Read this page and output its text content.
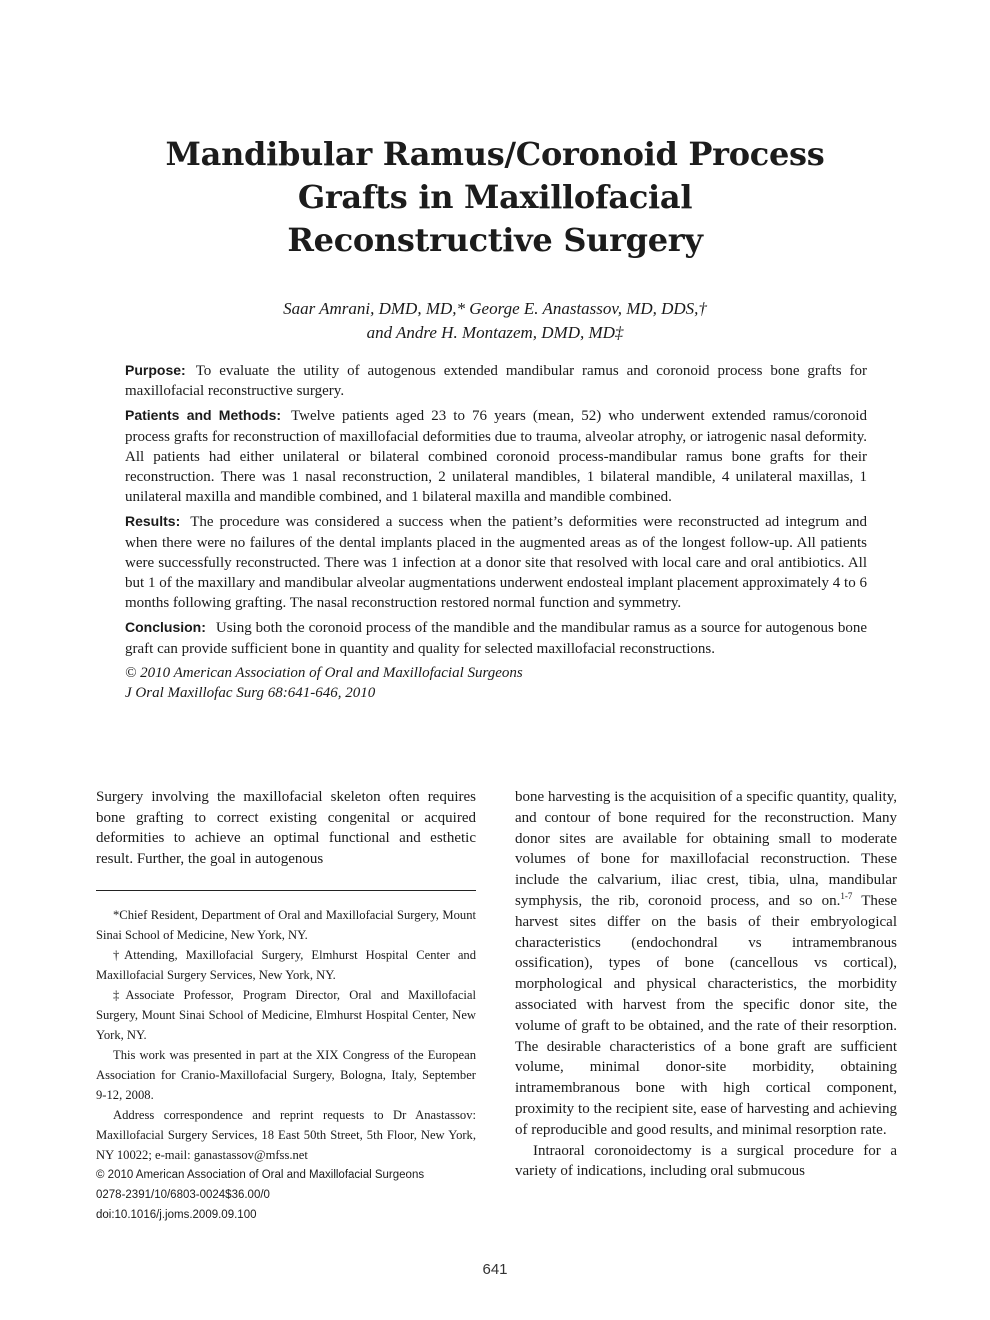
Mandibular Ramus/Coronoid Process
Grafts in Maxillofacial
Reconstructive Surgery
Saar Amrani, DMD, MD,* George E. Anastassov, MD, DDS,†
and Andre H. Montazem, DMD, MD‡

Purpose: To evaluate the utility of autogenous extended mandibular ramus and coronoid process bone grafts for maxillofacial reconstructive surgery.

Patients and Methods: Twelve patients aged 23 to 76 years (mean, 52) who underwent extended ramus/coronoid process grafts for reconstruction of maxillofacial deformities due to trauma, alveolar atrophy, or iatrogenic nasal deformity. All patients had either unilateral or bilateral combined coronoid process-mandibular ramus bone grafts for their reconstruction. There was 1 nasal reconstruction, 2 unilateral mandibles, 1 bilateral mandible, 4 unilateral maxillas, 1 unilateral maxilla and mandible combined, and 1 bilateral maxilla and mandible combined.

Results: The procedure was considered a success when the patient’s deformities were reconstructed ad integrum and when there were no failures of the dental implants placed in the augmented areas as of the longest follow-up. All patients were successfully reconstructed. There was 1 infection at a donor site that resolved with local care and oral antibiotics. All but 1 of the maxillary and mandibular alveolar augmentations underwent endosteal implant placement approximately 4 to 6 months following grafting. The nasal reconstruction restored normal function and symmetry.

Conclusion: Using both the coronoid process of the mandible and the mandibular ramus as a source for autogenous bone graft can provide sufficient bone in quantity and quality for selected maxillofacial reconstructions.

© 2010 American Association of Oral and Maxillofacial Surgeons

J Oral Maxillofac Surg 68:641-646, 2010

Surgery involving the maxillofacial skeleton often requires bone grafting to correct existing congenital or acquired deformities to achieve an optimal functional and esthetic result. Further, the goal in autogenous

*Chief Resident, Department of Oral and Maxillofacial Surgery, Mount Sinai School of Medicine, New York, NY.

†Attending, Maxillofacial Surgery, Elmhurst Hospital Center and Maxillofacial Surgery Services, New York, NY.

‡Associate Professor, Program Director, Oral and Maxillofacial Surgery, Mount Sinai School of Medicine, Elmhurst Hospital Center, New York, NY.

This work was presented in part at the XIX Congress of the European Association for Cranio-Maxillofacial Surgery, Bologna, Italy, September 9-12, 2008.

Address correspondence and reprint requests to Dr Anastassov: Maxillofacial Surgery Services, 18 East 50th Street, 5th Floor, New York, NY 10022; e-mail: ganastassov@mfss.net

© 2010 American Association of Oral and Maxillofacial Surgeons

0278-2391/10/6803-0024$36.00/0

doi:10.1016/j.joms.2009.09.100

bone harvesting is the acquisition of a specific quantity, quality, and contour of bone required for the reconstruction. Many donor sites are available for obtaining small to moderate volumes of bone for maxillofacial reconstruction. These include the calvarium, iliac crest, tibia, ulna, mandibular symphysis, the rib, coronoid process, and so on.$^{1-7}$ These harvest sites differ on the basis of their embryological characteristics (endochondral vs intramembranous ossification), types of bone (cancellous vs cortical), morphological and physical characteristics, the morbidity associated with harvest from the specific donor site, the volume of graft to be obtained, and the rate of their resorption. The desirable characteristics of a bone graft are sufficient volume, minimal donor-site morbidity, obtaining intramembranous bone with high cortical component, proximity to the recipient site, ease of harvesting and achieving of reproducible and good results, and minimal resorption rate.

Intraoral coronoidectomy is a surgical procedure for a variety of indications, including oral submucous

641
